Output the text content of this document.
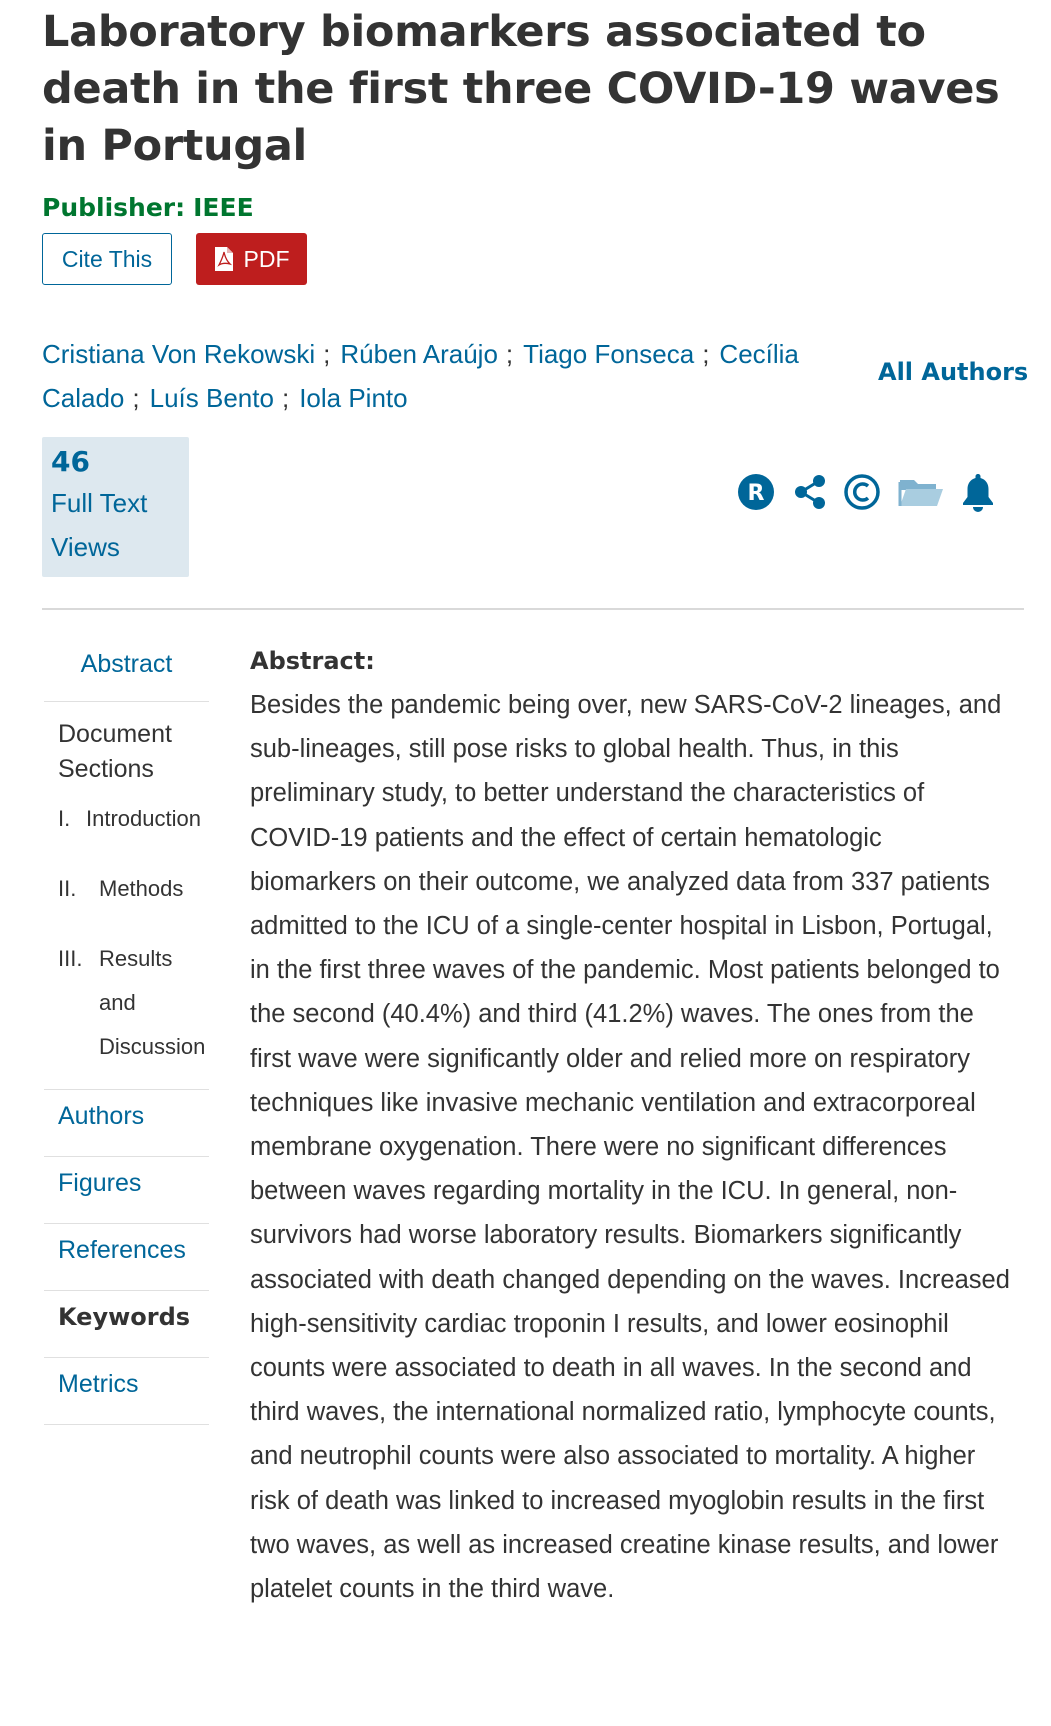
Laboratory biomarkers associated to death in the first three COVID-19 waves in Portugal
Publisher: IEEE
Cite This	PDF
Cristiana Von Rekowski ; Rúben Araújo ; Tiago Fonseca ; Cecília Calado ; Luís Bento ; Iola Pinto
All Authors
46
Full Text Views
R
Abstract
Document Sections
I. Introduction
II.	Methods
III. Results and Discussion
Authors
Figures
References
Keywords
Metrics
Abstract:

Besides the pandemic being over, new SARS-CoV-2 lineages, and sub-lineages, still pose risks to global health. Thus, in this preliminary study, to better understand the characteristics of COVID-19 patients and the effect of certain hematologic biomarkers on their outcome, we analyzed data from 337 patients admitted to the ICU of a single-center hospital in Lisbon, Portugal, in the first three waves of the pandemic. Most patients belonged to the second (40.4%) and third (41.2%) waves. The ones from the first wave were significantly older and relied more on respiratory techniques like invasive mechanic ventilation and extracorporeal membrane oxygenation. There were no significant differences between waves regarding mortality in the ICU. In general, non-survivors had worse laboratory results. Biomarkers significantly associated with death changed depending on the waves. Increased high-sensitivity cardiac troponin I results, and lower eosinophil counts were associated to death in all waves. In the second and third waves, the international normalized ratio, lymphocyte counts, and neutrophil counts were also associated to mortality. A higher risk of death was linked to increased myoglobin results in the first two waves, as well as increased creatine kinase results, and lower platelet counts in the third wave.
